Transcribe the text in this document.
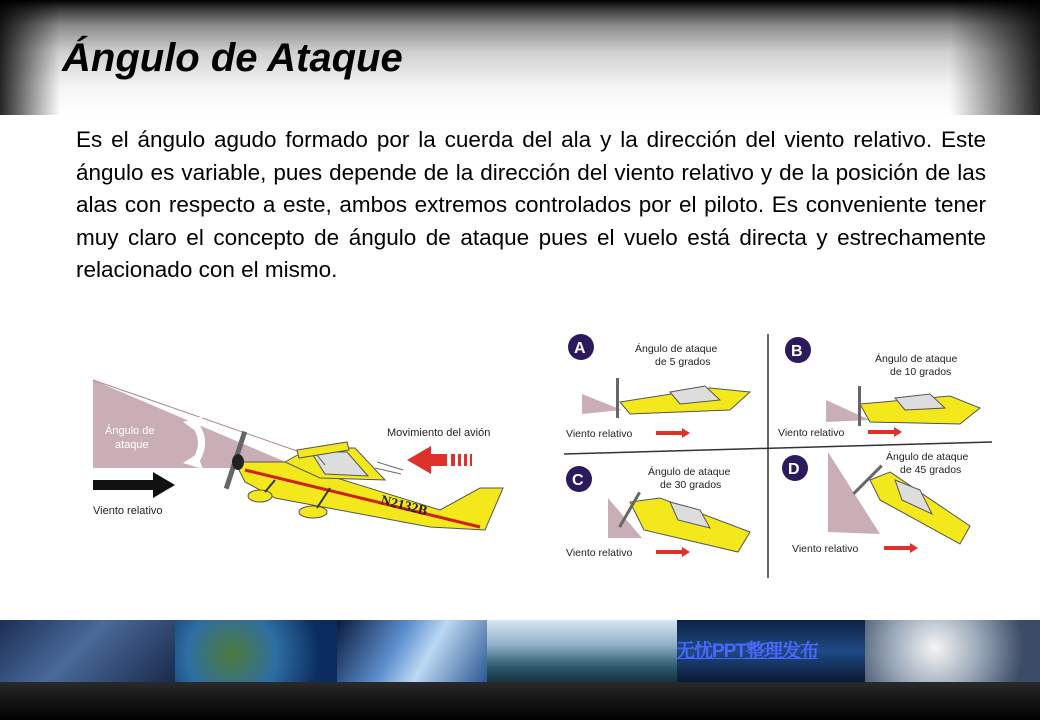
Ángulo de Ataque

Es el ángulo agudo formado por la cuerda del ala y la dirección del viento relativo. Este ángulo es variable, pues depende de la dirección del viento relativo y de la posición de las alas con respecto a este, ambos extremos controlados por el piloto. Es conveniente tener muy claro el concepto de ángulo de ataque pues el vuelo está directa y estrechamente relacionado con el mismo.

Ángulo de
ataque
Viento relativo
Movimiento del avión
N2132B
A	Ángulo de ataque
de 5 grados
Viento relativo
B	Ángulo de ataque
de 10 grados
Viento relativo
C	Ángulo de ataque
de 30 grados
Viento relativo
D
Ángulo de ataque
de 45 grados
Viento relativo
无忧PPT整理发布
